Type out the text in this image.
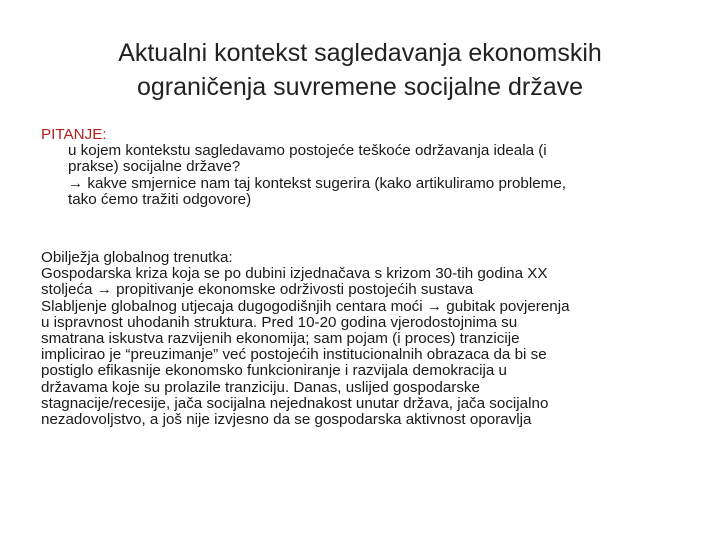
Aktualni kontekst sagledavanja ekonomskih
ograničenja suvremene socijalne države
PITANJE:
u kojem kontekstu sagledavamo postojeće teškoće održavanja ideala (i
prakse) socijalne države?
→ kakve smjernice nam taj kontekst sugerira (kako artikuliramo probleme,
tako ćemo tražiti odgovore)
Obilježja globalnog trenutka:
Gospodarska kriza koja se po dubini izjednačava s krizom 30-tih godina XX
stoljeća → propitivanje ekonomske održivosti postojećih sustava
Slabljenje globalnog utjecaja dugogodišnjih centara moći → gubitak povjerenja
u ispravnost uhodanih struktura. Pred 10-20 godina vjerodostojnima su
smatrana iskustva razvijenih ekonomija; sam pojam (i proces) tranzicije
implicirao je “preuzimanje” već postojećih institucionalnih obrazaca da bi se
postiglo efikasnije ekonomsko funkcioniranje i razvijala demokracija u
državama koje su prolazile tranziciju. Danas, uslijed gospodarske
stagnacije/recesije, jača socijalna nejednakost unutar država, jača socijalno
nezadovoljstvo, a još nije izvjesno da se gospodarska aktivnost oporavlja
